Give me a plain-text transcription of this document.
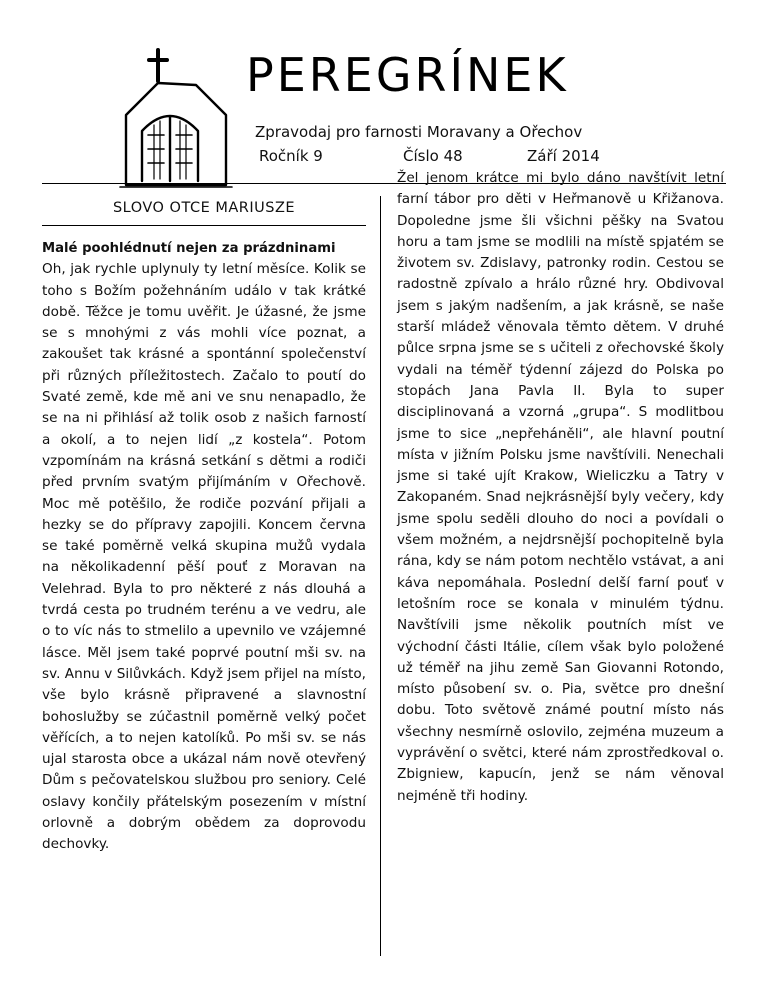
PEREGRÍNEK
Zpravodaj pro farnosti Moravany a Ořechov
Ročník 9	Číslo 48	Září 2014
SLOVO OTCE MARIUSZE

Malé poohlédnutí nejen za prázdninami

Oh, jak rychle uplynuly ty letní měsíce. Kolik se toho s Božím požehnáním událo v tak krátké době. Těžce je tomu uvěřit. Je úžasné, že jsme se s mnohými z vás mohli více poznat, a zakoušet tak krásné a spontánní společenství při různých příležitostech. Začalo to poutí do Svaté země, kde mě ani ve snu nenapadlo, že se na ni přihlásí až tolik osob z našich farností a okolí, a to nejen lidí „z kostela“. Potom vzpomínám na krásná setkání s dětmi a rodiči před prvním svatým přijímáním v Ořechově. Moc mě potěšilo, že rodiče pozvání přijali a hezky se do přípravy zapojili. Koncem června se také poměrně velká skupina mužů vydala na několikadenní pěší pouť z Moravan na Velehrad. Byla to pro některé z nás dlouhá a tvrdá cesta po trudném terénu a ve vedru, ale o to víc nás to stmelilo a upevnilo ve vzájemné lásce. Měl jsem také poprvé poutní mši sv. na sv. Annu v Silůvkách. Když jsem přijel na místo, vše bylo krásně připravené a slavnostní bohoslužby se zúčastnil poměrně velký počet věřících, a to nejen katolíků. Po mši sv. se nás ujal starosta obce a ukázal nám nově otevřený Dům s pečovatelskou službou pro seniory. Celé oslavy končily přátelským posezením v místní orlovně a dobrým obědem za doprovodu dechovky.

Žel jenom krátce mi bylo dáno navštívit letní farní tábor pro děti v Heřmanově u Křižanova. Dopoledne jsme šli všichni pěšky na Svatou horu a tam jsme se modlili na místě spjatém se životem sv. Zdislavy, patronky rodin. Cestou se radostně zpívalo a hrálo různé hry. Obdivoval jsem s jakým nadšením, a jak krásně, se naše starší mládež věnovala těmto dětem. V druhé půlce srpna jsme se s učiteli z ořechovské školy vydali na téměř týdenní zájezd do Polska po stopách Jana Pavla II. Byla to super disciplinovaná a vzorná „grupa“. S modlitbou jsme to sice „nepřeháněli“, ale hlavní poutní místa v jižním Polsku jsme navštívili. Nenechali jsme si také ujít Krakow, Wieliczku a Tatry v Zakopaném. Snad nejkrásnější byly večery, kdy jsme spolu seděli dlouho do noci a povídali o všem možném, a nejdrsnější pochopitelně byla rána, kdy se nám potom nechtělo vstávat, a ani káva nepomáhala. Poslední delší farní pouť v letošním roce se konala v minulém týdnu. Navštívili jsme několik poutních míst ve východní části Itálie, cílem však bylo položené už téměř na jihu země San Giovanni Rotondo, místo působení sv. o. Pia, světce pro dnešní dobu. Toto světově známé poutní místo nás všechny nesmírně oslovilo, zejména muzeum a vyprávění o světci, které nám zprostředkoval o. Zbigniew, kapucín, jenž se nám věnoval nejméně tři hodiny.
